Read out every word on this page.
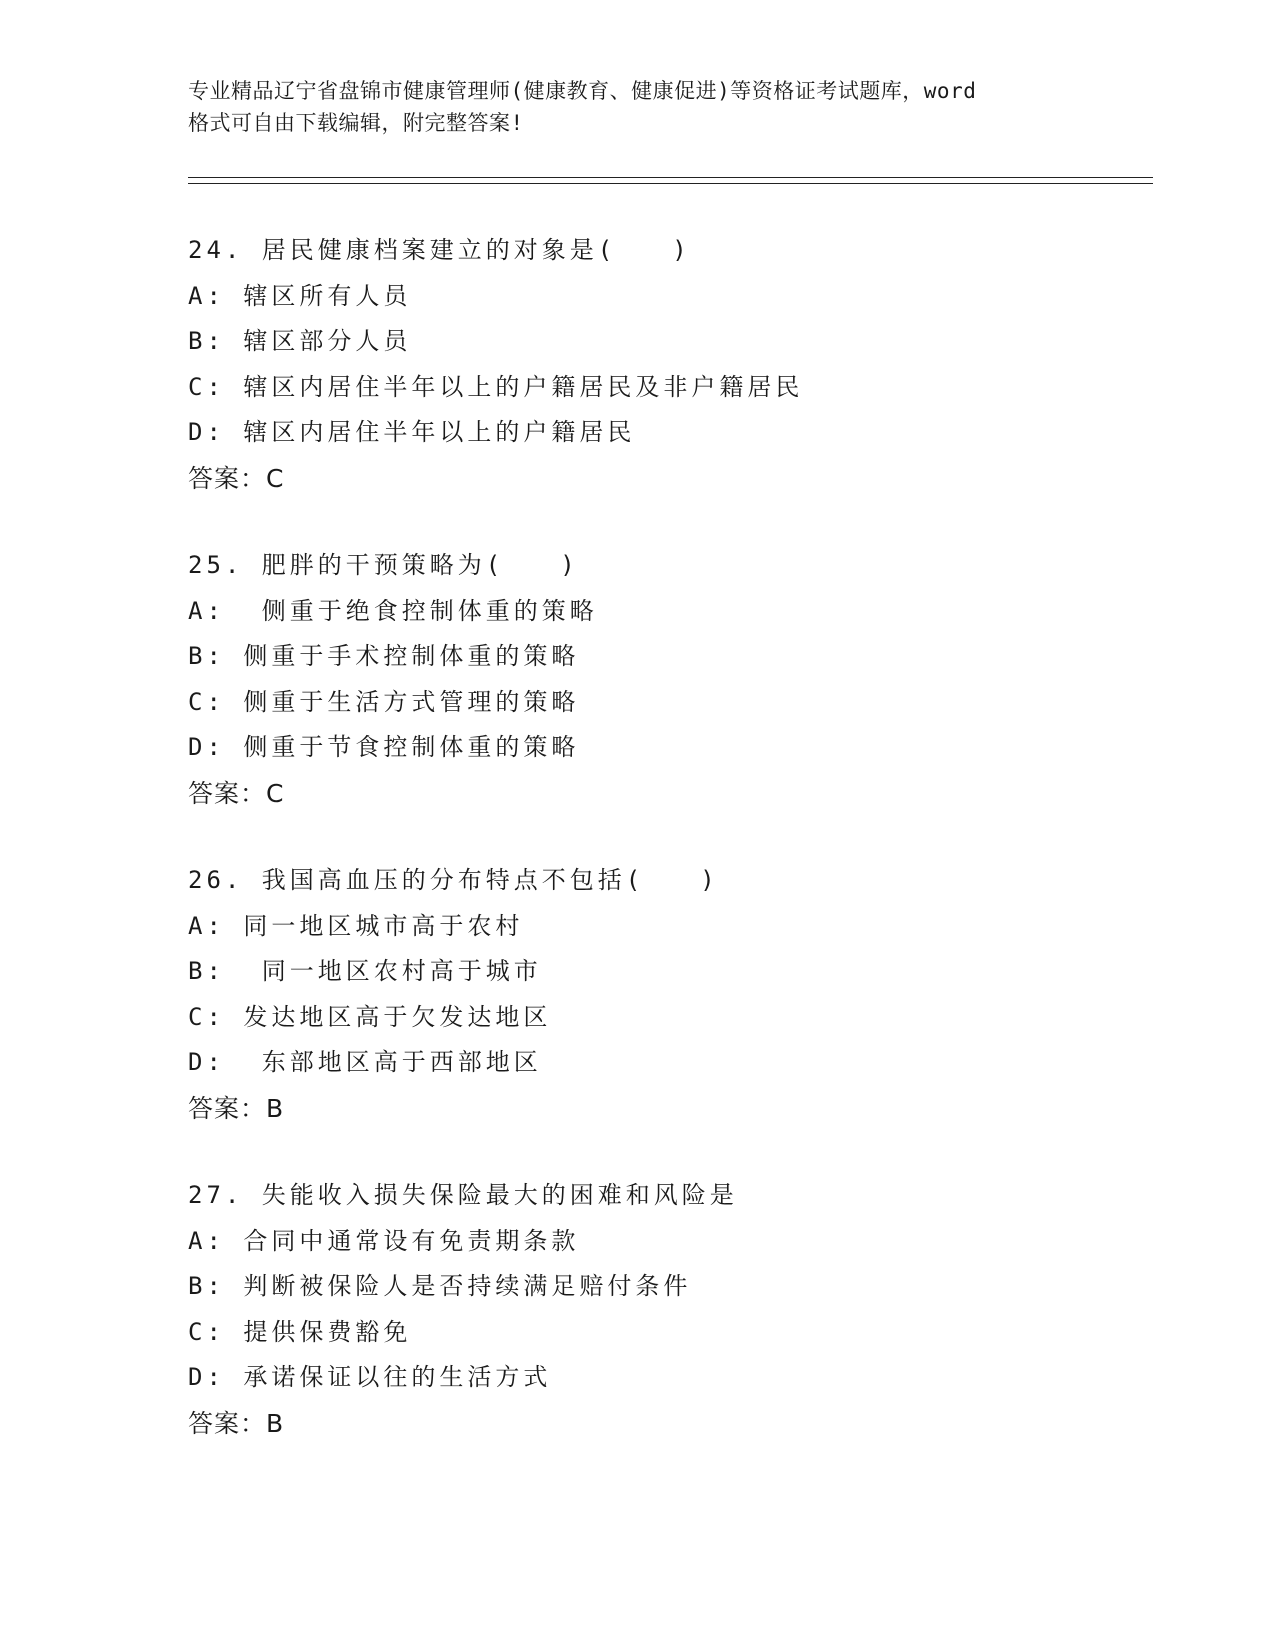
专业精品辽宁省盘锦市健康管理师(健康教育、健康促进)等资格证考试题库，word
格式可自由下载编辑，附完整答案!
24. 居民健康档案建立的对象是(　　)
A: 辖区所有人员
B: 辖区部分人员
C: 辖区内居住半年以上的户籍居民及非户籍居民
D: 辖区内居住半年以上的户籍居民
答案：C
25. 肥胖的干预策略为(　　)
A:  侧重于绝食控制体重的策略
B: 侧重于手术控制体重的策略
C: 侧重于生活方式管理的策略
D: 侧重于节食控制体重的策略
答案：C
26. 我国高血压的分布特点不包括(　　)
A: 同一地区城市高于农村
B:  同一地区农村高于城市
C: 发达地区高于欠发达地区
D:  东部地区高于西部地区
答案：B
27. 失能收入损失保险最大的困难和风险是
A: 合同中通常设有免责期条款
B: 判断被保险人是否持续满足赔付条件
C: 提供保费豁免
D: 承诺保证以往的生活方式
答案：B
